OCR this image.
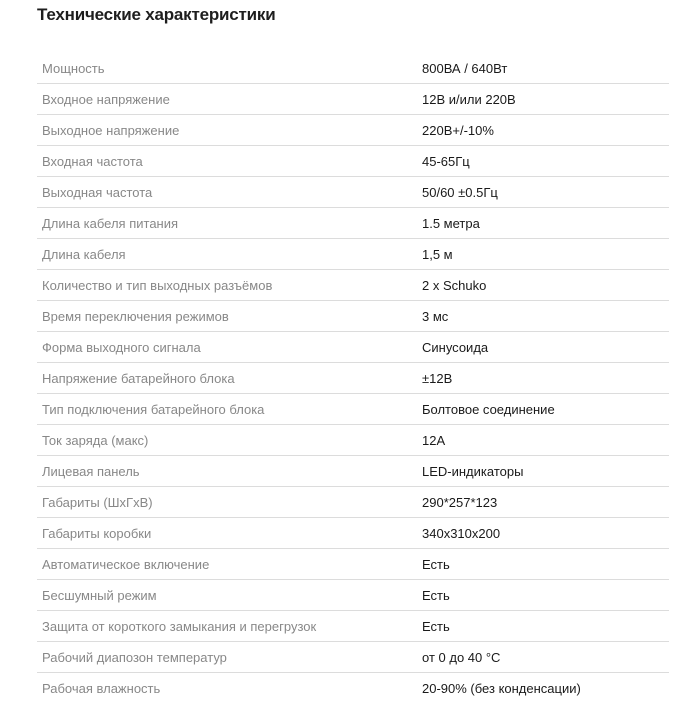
Технические характеристики
Мощность	800ВА / 640Вт
Входное напряжение	12В и/или 220В
Выходное напряжение	220В+/-10%
Входная частота	45-65Гц
Выходная частота	50/60 ±0.5Гц
Длина кабеля питания	1.5 метра
Длина кабеля	1,5 м
Количество и тип выходных разъёмов	2 x Schuko
Время переключения режимов	3 мс
Форма выходного сигнала	Синусоида
Напряжение батарейного блока	±12В
Тип подключения батарейного блока	Болтовое соединение
Ток заряда (макс)	12А
Лицевая панель	LED-индикаторы
Габариты (ШхГхВ)	290*257*123
Габариты коробки	340x310x200
Автоматическое включение	Есть
Бесшумный режим	Есть
Защита от короткого замыкания и перегрузок	Есть
Рабочий диапозон температур	от 0 до 40 °С
Рабочая влажность	20-90% (без конденсации)
